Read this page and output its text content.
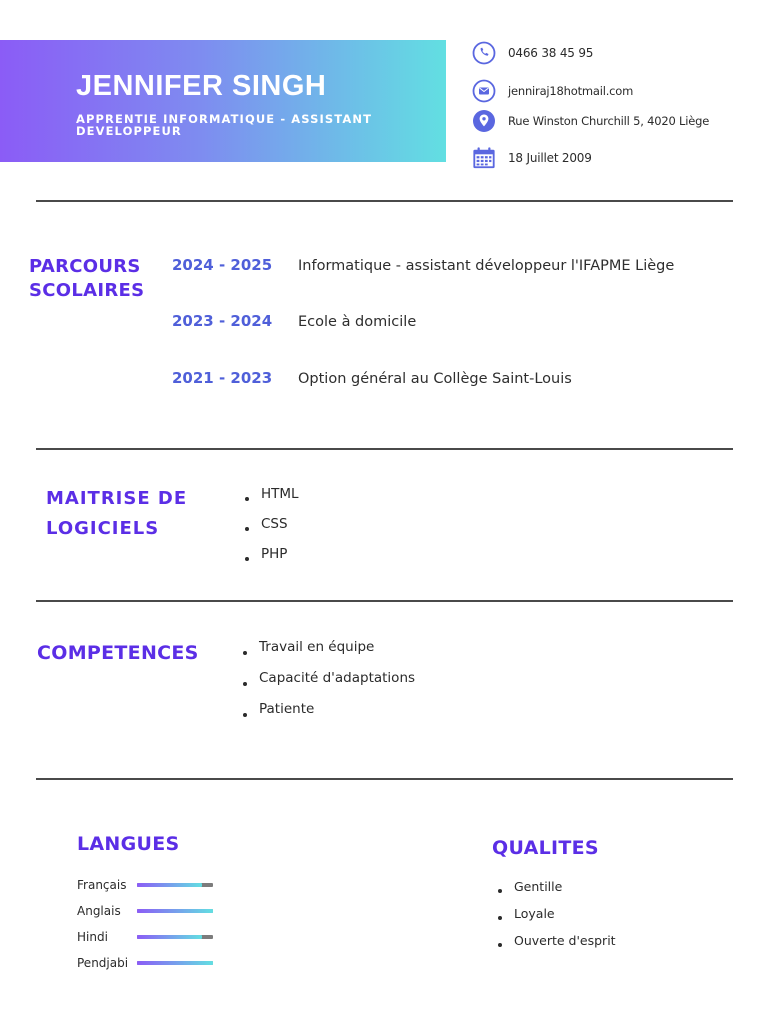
JENNIFER SINGH
APPRENTIE INFORMATIQUE - ASSISTANT DEVELOPPEUR
0466 38 45 95
jenniraj18hotmail.com
Rue Winston Churchill 5, 4020 Liège
18 Juillet 2009
PARCOURS SCOLAIRES
2024 - 2025	Informatique - assistant développeur l'IFAPME Liège
2023 - 2024	Ecole à domicile
2021 - 2023	Option général au Collège Saint-Louis
MAITRISE DE LOGICIELS
HTML
CSS
PHP
COMPETENCES	Travail en équipe
Capacité d'adaptations
Patiente
LANGUES
Français
Anglais
Hindi
Pendjabi
QUALITES
Gentille
Loyale
Ouverte d'esprit
